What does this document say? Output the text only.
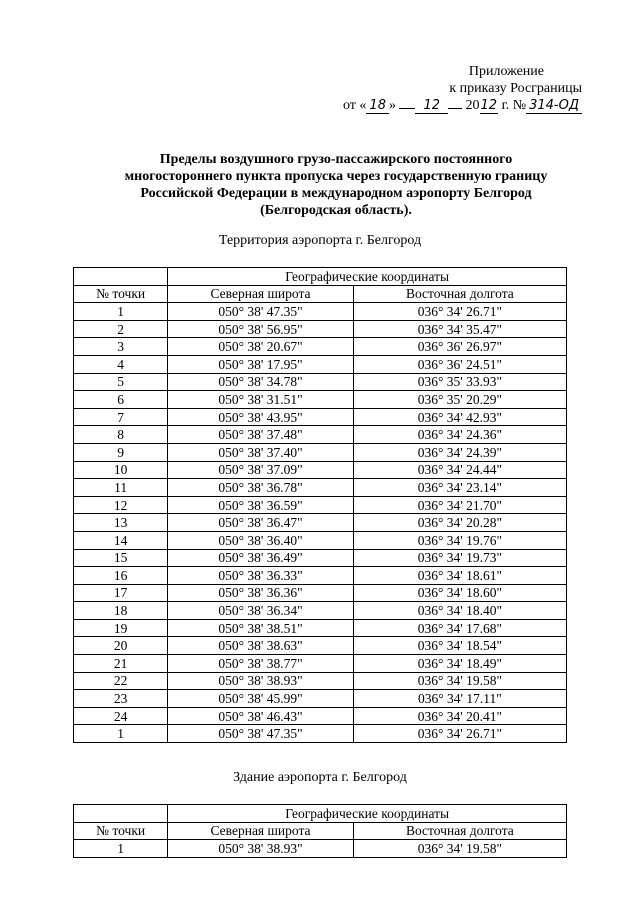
Приложение
к приказу Росграницы
от « 18 » 12 2012 г. № 314-ОД
Пределы воздушного грузо-пассажирского постоянного
многостороннего пункта пропуска через государственную границу
Российской Федерации в международном аэропорту Белгород
(Белгородская область).
Территория аэропорта г. Белгород
	Географические координаты	
№ точки	Северная широта	Восточная долгота
1	050° 38' 47.35"	036° 34' 26.71"
2	050° 38' 56.95"	036° 34' 35.47"
3	050° 38' 20.67"	036° 36' 26.97"
4	050° 38' 17.95"	036° 36' 24.51"
5	050° 38' 34.78"	036° 35' 33.93"
6	050° 38' 31.51"	036° 35' 20.29"
7	050° 38' 43.95"	036° 34' 42.93"
8	050° 38' 37.48"	036° 34' 24.36"
9	050° 38' 37.40"	036° 34' 24.39"
10	050° 38' 37.09"	036° 34' 24.44"
11	050° 38' 36.78"	036° 34' 23.14"
12	050° 38' 36.59"	036° 34' 21.70"
13	050° 38' 36.47"	036° 34' 20.28"
14	050° 38' 36.40"	036° 34' 19.76"
15	050° 38' 36.49"	036° 34' 19.73"
16	050° 38' 36.33"	036° 34' 18.61"
17	050° 38' 36.36"	036° 34' 18.60"
18	050° 38' 36.34"	036° 34' 18.40"
19	050° 38' 38.51"	036° 34' 17.68"
20	050° 38' 38.63"	036° 34' 18.54"
21	050° 38' 38.77"	036° 34' 18.49"
22	050° 38' 38.93"	036° 34' 19.58"
23	050° 38' 45.99"	036° 34' 17.11"
24	050° 38' 46.43"	036° 34' 20.41"
1	050° 38' 47.35"	036° 34' 26.71"
Здание аэропорта г. Белгород
	Географические координаты	
№ точки	Северная широта	Восточная долгота
1	050° 38' 38.93"	036° 34' 19.58"
